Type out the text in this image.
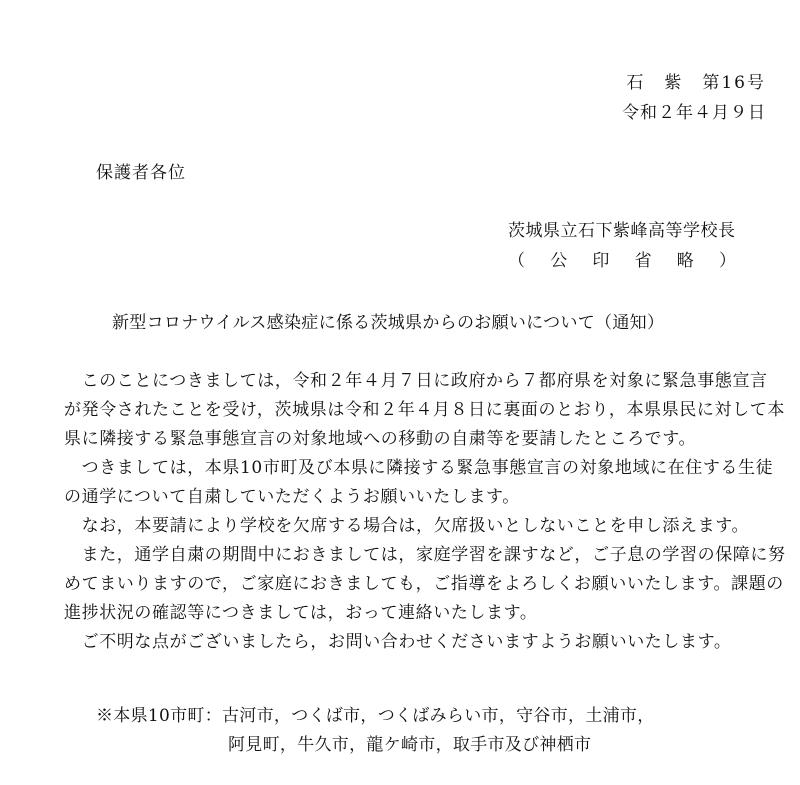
石　紫　第16号
令和２年４月９日
保護者各位
茨城県立石下紫峰高等学校長
（ 公 印 省 略 ）
新型コロナウイルス感染症に係る茨城県からのお願いについて（通知）
　このことにつきましては，令和２年４月７日に政府から７都府県を対象に緊急事態宣言
が発令されたことを受け，茨城県は令和２年４月８日に裏面のとおり，本県県民に対して本
県に隣接する緊急事態宣言の対象地域への移動の自粛等を要請したところです。
　つきましては，本県10市町及び本県に隣接する緊急事態宣言の対象地域に在住する生徒
の通学について自粛していただくようお願いいたします。
　なお，本要請により学校を欠席する場合は，欠席扱いとしないことを申し添えます。
　また，通学自粛の期間中におきましては，家庭学習を課すなど，ご子息の学習の保障に努
めてまいりますので，ご家庭におきましても，ご指導をよろしくお願いいたします。課題の
進捗状況の確認等につきましては，おって連絡いたします。
　ご不明な点がございましたら，お問い合わせくださいますようお願いいたします。
※本県10市町：古河市，つくば市，つくばみらい市，守谷市，土浦市，
阿見町，牛久市，龍ケ崎市，取手市及び神栖市
